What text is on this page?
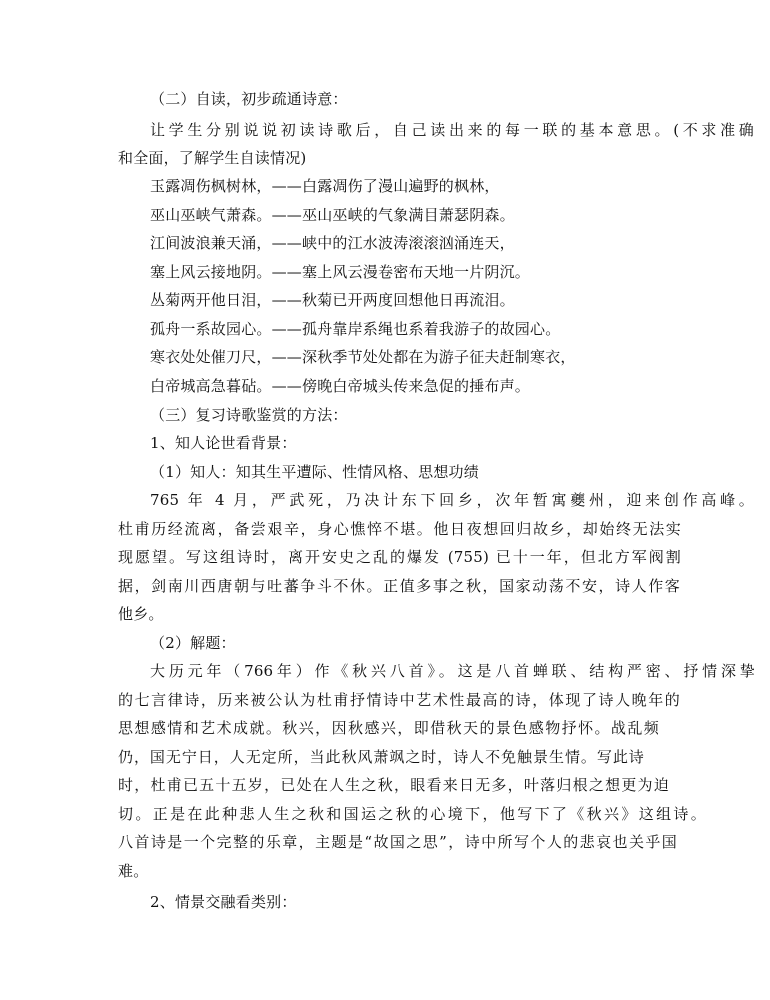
（二）自读，初步疏通诗意：
让学生分别说说初读诗歌后，自己读出来的每一联的基本意思。(不求准确
和全面，了解学生自读情况)
玉露凋伤枫树林，——白露凋伤了漫山遍野的枫林，
巫山巫峡气萧森。——巫山巫峡的气象满目萧瑟阴森。
江间波浪兼天涌，——峡中的江水波涛滚滚汹涌连天，
塞上风云接地阴。——塞上风云漫卷密布天地一片阴沉。
丛菊两开他日泪，——秋菊已开两度回想他日再流泪。
孤舟一系故园心。——孤舟靠岸系绳也系着我游子的故园心。
寒衣处处催刀尺，——深秋季节处处都在为游子征夫赶制寒衣，
白帝城高急暮砧。——傍晚白帝城头传来急促的捶布声。
（三）复习诗歌鉴赏的方法：
1、知人论世看背景：
（1）知人：知其生平遭际、性情风格、思想功绩
765 年 4 月，严武死，乃决计东下回乡，次年暂寓夔州，迎来创作高峰。
杜甫历经流离，备尝艰辛，身心憔悴不堪。他日夜想回归故乡，却始终无法实
现愿望。写这组诗时，离开安史之乱的爆发 (755) 已十一年，但北方军阀割
据，剑南川西唐朝与吐蕃争斗不休。正值多事之秋，国家动荡不安，诗人作客
他乡。
（2）解题：
大历元年（766年）作《秋兴八首》。这是八首蝉联、结构严密、抒情深挚
的七言律诗，历来被公认为杜甫抒情诗中艺术性最高的诗，体现了诗人晚年的
思想感情和艺术成就。秋兴，因秋感兴，即借秋天的景色感物抒怀。战乱频
仍，国无宁日，人无定所，当此秋风萧飒之时，诗人不免触景生情。写此诗
时，杜甫已五十五岁，已处在人生之秋，眼看来日无多，叶落归根之想更为迫
切。正是在此种悲人生之秋和国运之秋的心境下，他写下了《秋兴》这组诗。
八首诗是一个完整的乐章，主题是“故国之思”，诗中所写个人的悲哀也关乎国
难。
2、情景交融看类别：
